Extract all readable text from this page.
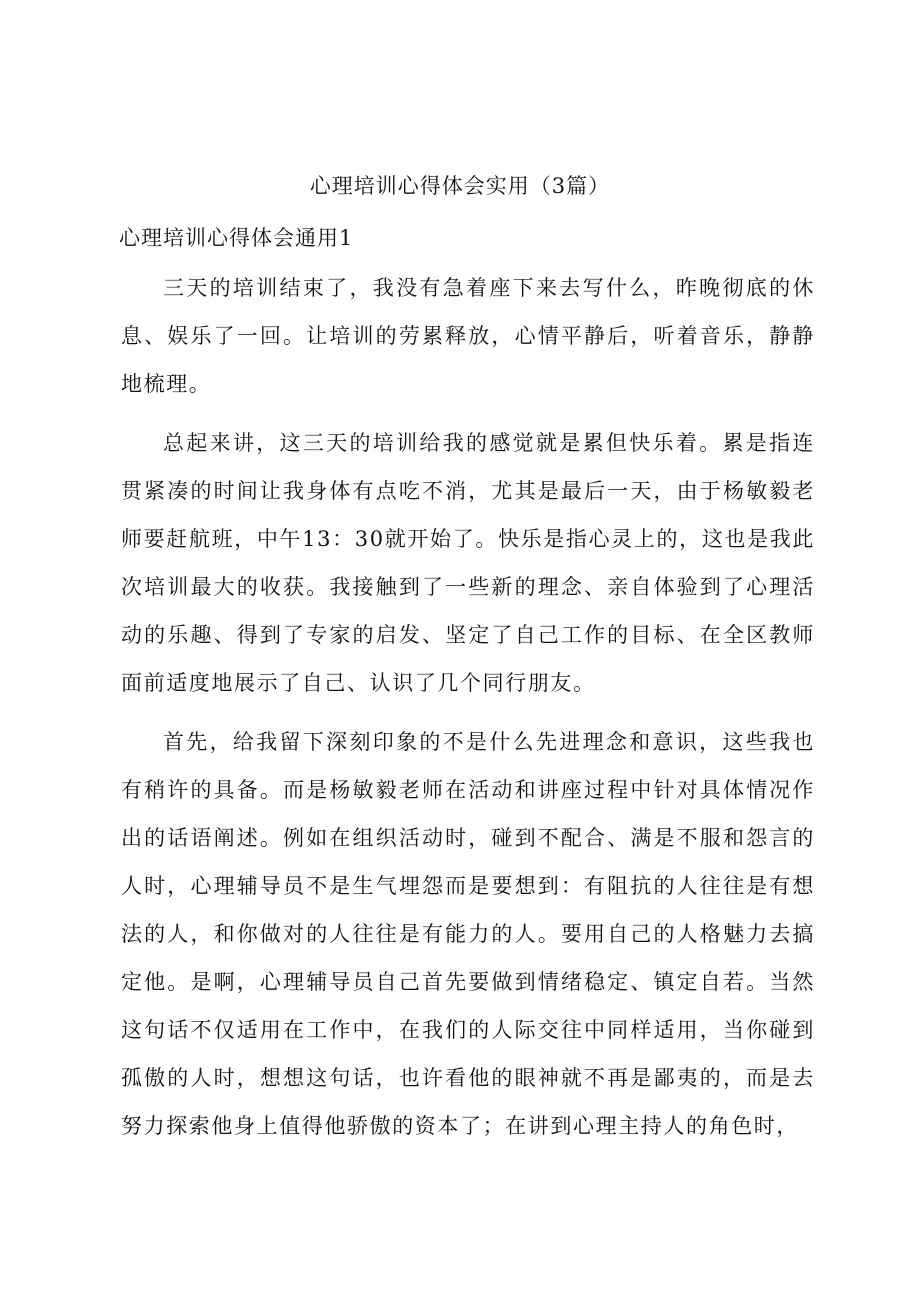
心理培训心得体会实用（3篇）
心理培训心得体会通用1

三天的培训结束了，我没有急着座下来去写什么，昨晚彻底的休息、娱乐了一回。让培训的劳累释放，心情平静后，听着音乐，静静地梳理。

总起来讲，这三天的培训给我的感觉就是累但快乐着。累是指连贯紧凑的时间让我身体有点吃不消，尤其是最后一天，由于杨敏毅老师要赶航班，中午13：30就开始了。快乐是指心灵上的，这也是我此次培训最大的收获。我接触到了一些新的理念、亲自体验到了心理活动的乐趣、得到了专家的启发、坚定了自己工作的目标、在全区教师面前适度地展示了自己、认识了几个同行朋友。

首先，给我留下深刻印象的不是什么先进理念和意识，这些我也有稍许的具备。而是杨敏毅老师在活动和讲座过程中针对具体情况作出的话语阐述。例如在组织活动时，碰到不配合、满是不服和怨言的人时，心理辅导员不是生气埋怨而是要想到：有阻抗的人往往是有想法的人，和你做对的人往往是有能力的人。要用自己的人格魅力去搞定他。是啊，心理辅导员自己首先要做到情绪稳定、镇定自若。当然这句话不仅适用在工作中，在我们的人际交往中同样适用，当你碰到孤傲的人时，想想这句话，也许看他的眼神就不再是鄙夷的，而是去努力探索他身上值得他骄傲的资本了；在讲到心理主持人的角色时，
